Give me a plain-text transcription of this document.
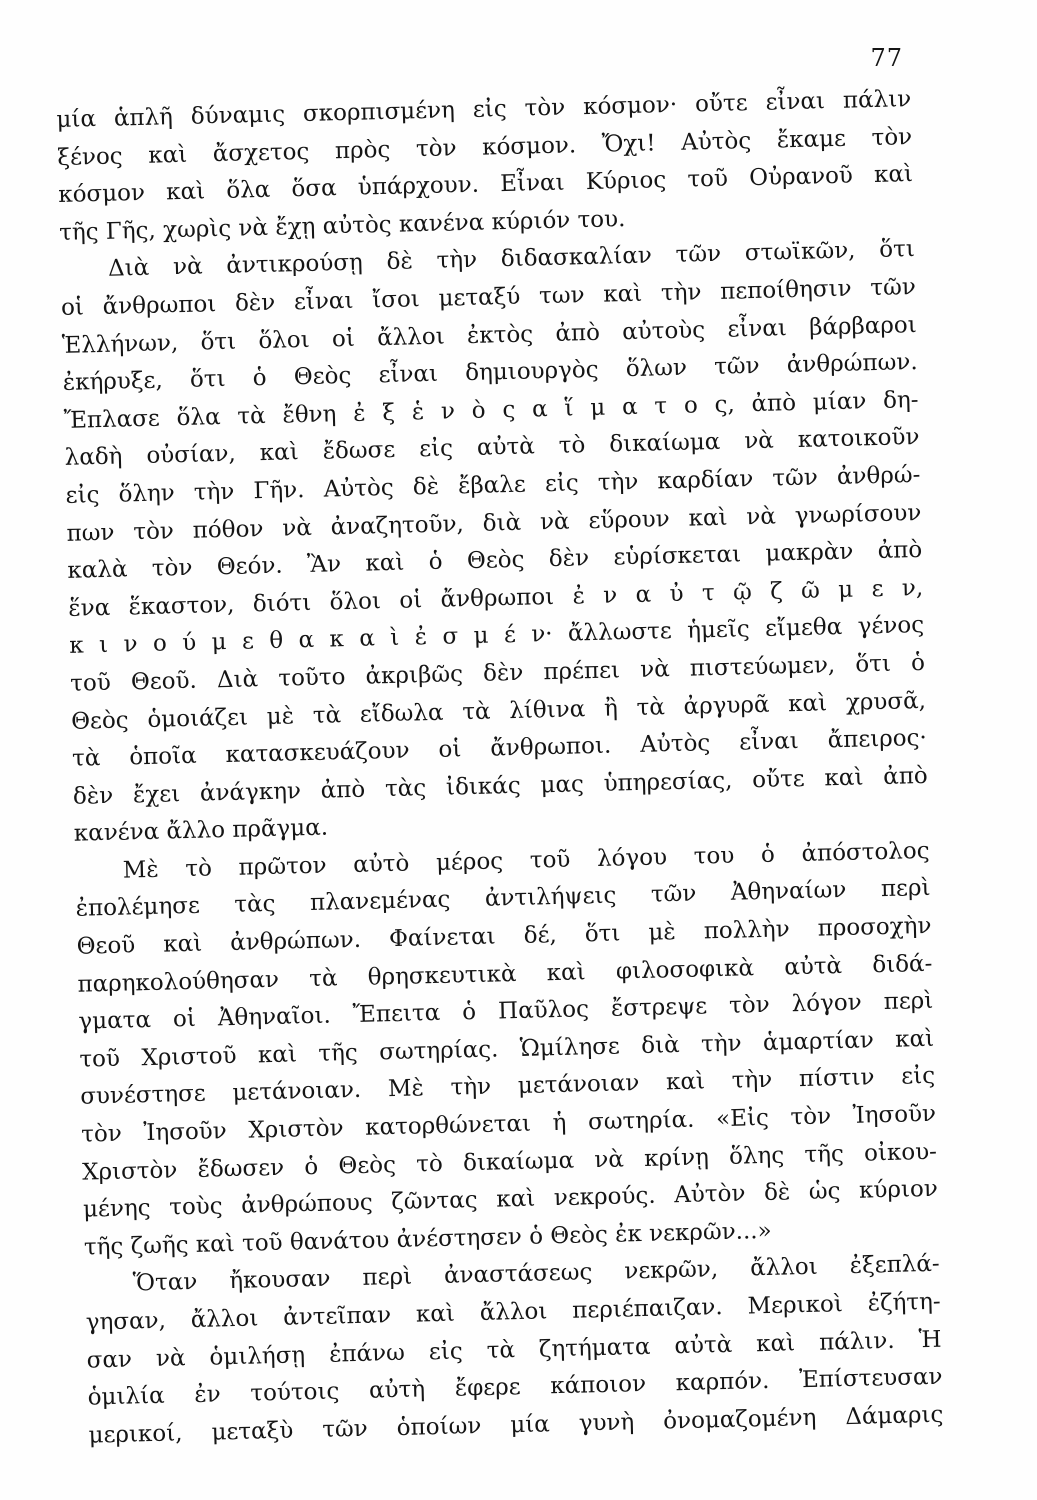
77
μία ἁπλῆ δύναμις σκορπισμένη εἰς τὸν κόσμον· οὔτε εἶναι πάλιν
ξένος καὶ ἄσχετος πρὸς τὸν κόσμον. Ὄχι! Αὐτὸς ἔκαμε τὸν
κόσμον καὶ ὅλα ὅσα ὑπάρχουν. Εἶναι Κύριος τοῦ Οὐρανοῦ καὶ
τῆς Γῆς, χωρὶς νὰ ἔχῃ αὐτὸς κανένα κύριόν του.
Διὰ νὰ ἀντικρούσῃ δὲ τὴν διδασκαλίαν τῶν στωϊκῶν, ὅτι
οἱ ἄνθρωποι δὲν εἶναι ἴσοι μεταξύ των καὶ τὴν πεποίθησιν τῶν
Ἑλλήνων, ὅτι ὅλοι οἱ ἄλλοι ἐκτὸς ἀπὸ αὐτοὺς εἶναι βάρβαροι
ἐκήρυξε, ὅτι ὁ Θεὸς εἶναι δημιουργὸς ὅλων τῶν ἀνθρώπων.
Ἔπλασε ὅλα τὰ ἔθνη ἐ ξ ἑ ν ὸ ς α ἵ μ α τ ο ς, ἀπὸ μίαν δη-
λαδὴ οὐσίαν, καὶ ἔδωσε εἰς αὐτὰ τὸ δικαίωμα νὰ κατοικοῦν
εἰς ὅλην τὴν Γῆν. Αὐτὸς δὲ ἔβαλε εἰς τὴν καρδίαν τῶν ἀνθρώ-
πων τὸν πόθον νὰ ἀναζητοῦν, διὰ νὰ εὕρουν καὶ νὰ γνωρίσουν
καλὰ τὸν Θεόν. Ἂν καὶ ὁ Θεὸς δὲν εὑρίσκεται μακρὰν ἀπὸ
ἕνα ἕκαστον, διότι ὅλοι οἱ ἄνθρωποι ἐ ν α ὐ τ ῷ ζ ῶ μ ε ν,
κ ι ν ο ύ μ ε θ α κ α ὶ ἐ σ μ έ ν· ἄλλωστε ἡμεῖς εἴμεθα γένος
τοῦ Θεοῦ. Διὰ τοῦτο ἀκριβῶς δὲν πρέπει νὰ πιστεύωμεν, ὅτι ὁ
Θεὸς ὁμοιάζει μὲ τὰ εἴδωλα τὰ λίθινα ἢ τὰ ἀργυρᾶ καὶ χρυσᾶ,
τὰ ὁποῖα κατασκευάζουν οἱ ἄνθρωποι. Αὐτὸς εἶναι ἄπειρος·
δὲν ἔχει ἀνάγκην ἀπὸ τὰς ἰδικάς μας ὑπηρεσίας, οὔτε καὶ ἀπὸ
κανένα ἄλλο πρᾶγμα.
Μὲ τὸ πρῶτον αὐτὸ μέρος τοῦ λόγου του ὁ ἀπόστολος
ἐπολέμησε τὰς πλανεμένας ἀντιλήψεις τῶν Ἀθηναίων περὶ
Θεοῦ καὶ ἀνθρώπων. Φαίνεται δέ, ὅτι μὲ πολλὴν προσοχὴν
παρηκολούθησαν τὰ θρησκευτικὰ καὶ φιλοσοφικὰ αὐτὰ διδά-
γματα οἱ Ἀθηναῖοι. Ἔπειτα ὁ Παῦλος ἔστρεψε τὸν λόγον περὶ
τοῦ Χριστοῦ καὶ τῆς σωτηρίας. Ὡμίλησε διὰ τὴν ἁμαρτίαν καὶ
συνέστησε μετάνοιαν. Μὲ τὴν μετάνοιαν καὶ τὴν πίστιν εἰς
τὸν Ἰησοῦν Χριστὸν κατορθώνεται ἡ σωτηρία. «Εἰς τὸν Ἰησοῦν
Χριστὸν ἔδωσεν ὁ Θεὸς τὸ δικαίωμα νὰ κρίνῃ ὅλης τῆς οἰκου-
μένης τοὺς ἀνθρώπους ζῶντας καὶ νεκρούς. Αὐτὸν δὲ ὡς κύριον
τῆς ζωῆς καὶ τοῦ θανάτου ἀνέστησεν ὁ Θεὸς ἐκ νεκρῶν...»
Ὅταν ἤκουσαν περὶ ἀναστάσεως νεκρῶν, ἄλλοι ἐξεπλά-
γησαν, ἄλλοι ἀντεῖπαν καὶ ἄλλοι περιέπαιζαν. Μερικοὶ ἐζήτη-
σαν νὰ ὁμιλήσῃ ἐπάνω εἰς τὰ ζητήματα αὐτὰ καὶ πάλιν. Ἡ
ὁμιλία ἐν τούτοις αὐτὴ ἔφερε κάποιον καρπόν. Ἐπίστευσαν
μερικοί, μεταξὺ τῶν ὁποίων μία γυνὴ ὀνομαζομένη Δάμαρις
